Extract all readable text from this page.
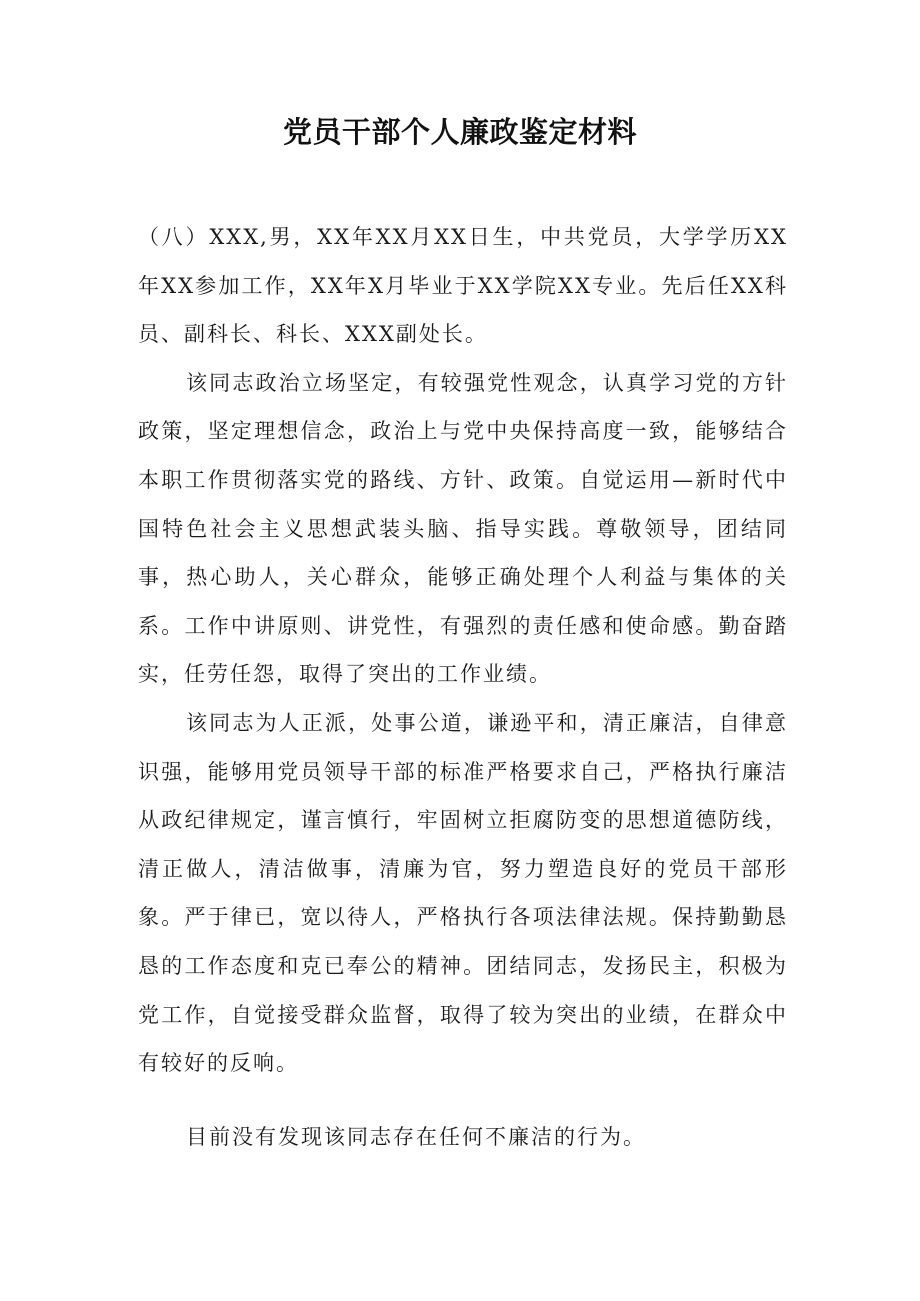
党员干部个人廉政鉴定材料

（八）XXX,男，XX年XX月XX日生，中共党员，大学学历XX年XX参加工作，XX年X月毕业于XX学院XX专业。先后任XX科员、副科长、科长、XXX副处长。

该同志政治立场坚定，有较强党性观念，认真学习党的方针政策，坚定理想信念，政治上与党中央保持高度一致，能够结合本职工作贯彻落实党的路线、方针、政策。自觉运用—新时代中国特色社会主义思想武装头脑、指导实践。尊敬领导，团结同事，热心助人，关心群众，能够正确处理个人利益与集体的关系。工作中讲原则、讲党性，有强烈的责任感和使命感。勤奋踏实，任劳任怨，取得了突出的工作业绩。

该同志为人正派，处事公道，谦逊平和，清正廉洁，自律意识强，能够用党员领导干部的标准严格要求自己，严格执行廉洁从政纪律规定，谨言慎行，牢固树立拒腐防变的思想道德防线，清正做人，清洁做事，清廉为官，努力塑造良好的党员干部形象。严于律已，宽以待人，严格执行各项法律法规。保持勤勤恳恳的工作态度和克已奉公的精神。团结同志，发扬民主，积极为党工作，自觉接受群众监督，取得了较为突出的业绩，在群众中有较好的反响。

目前没有发现该同志存在任何不廉洁的行为。
